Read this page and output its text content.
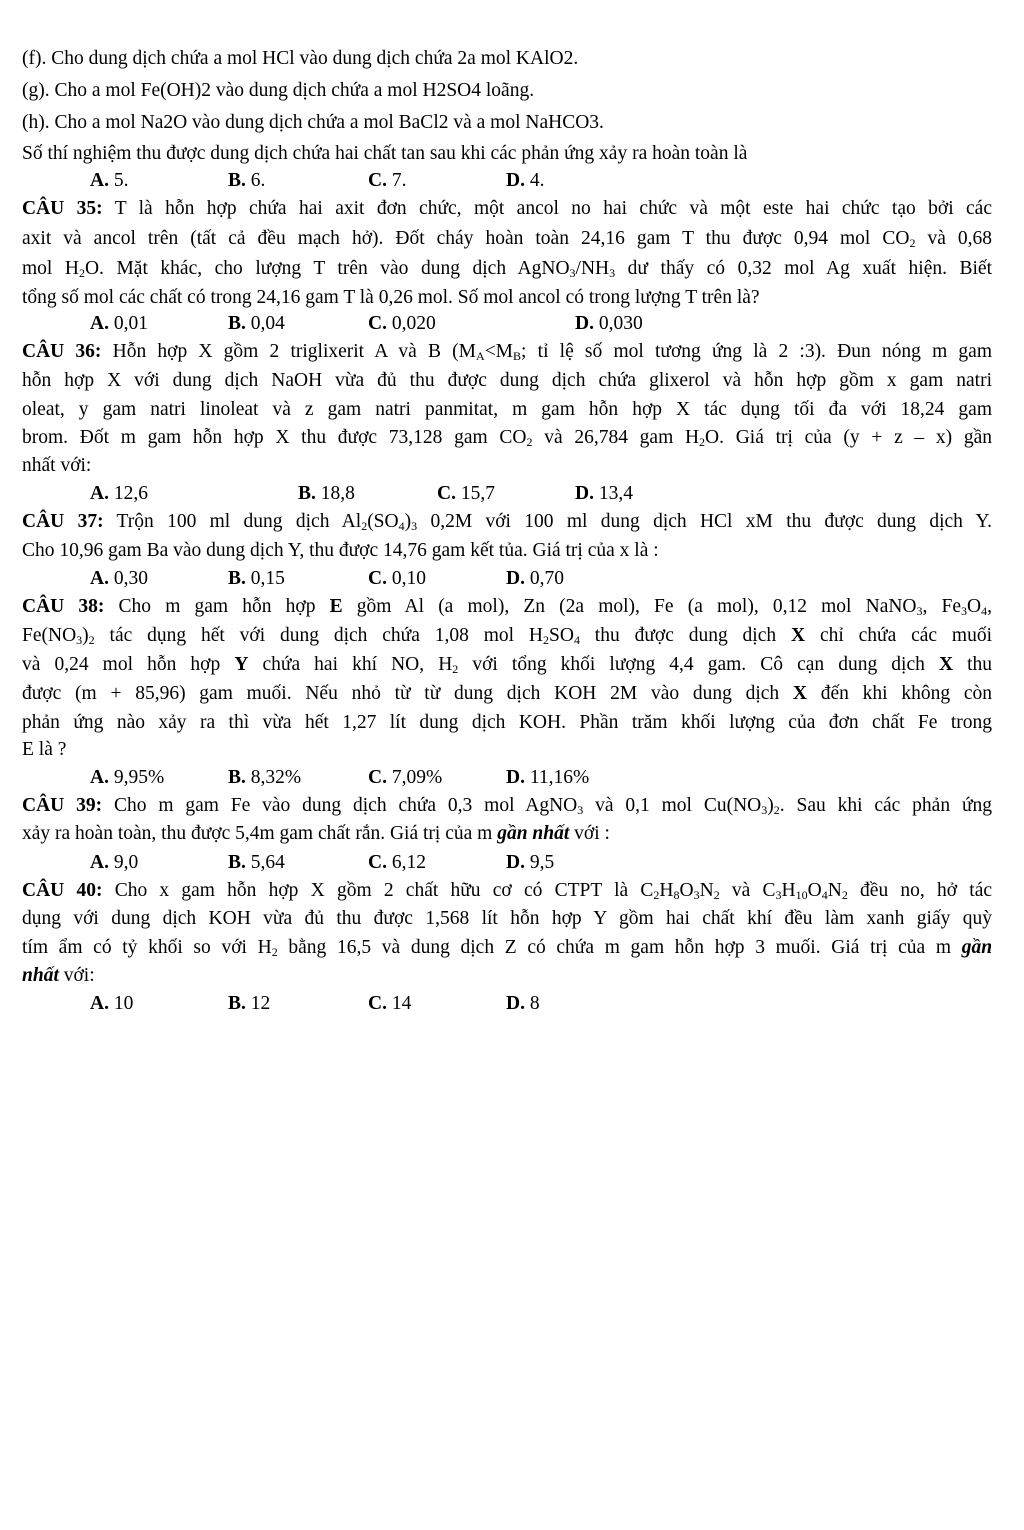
(f). Cho dung dịch chứa a mol HCl vào dung dịch chứa 2a mol KAlO2.
(g). Cho a mol Fe(OH)2 vào dung dịch chứa a mol H2SO4 loãng.
(h). Cho a mol Na2O vào dung dịch chứa a mol BaCl2 và a mol NaHCO3.
Số thí nghiệm thu được dung dịch chứa hai chất tan sau khi các phản ứng xảy ra hoàn toàn là
A. 5.	B. 6.	C. 7.	D. 4.
CÂU 35: T là hỗn hợp chứa hai axit đơn chức, một ancol no hai chức và một este hai chức tạo bởi các
axit và ancol trên (tất cả đều mạch hở). Đốt cháy hoàn toàn 24,16 gam T thu được 0,94 mol $CO_2$ và 0,68
mol $H_2O$. Mặt khác, cho lượng T trên vào dung dịch $AgNO_3/NH_3$ dư thấy có 0,32 mol Ag xuất hiện. Biết
tổng số mol các chất có trong 24,16 gam T là 0,26 mol. Số mol ancol có trong lượng T trên là?
A. 0,01	B. 0,04	C. 0,020	D. 0,030
CÂU 36: Hỗn hợp X gồm 2 triglixerit A và B ($M_A<M_B$; tỉ lệ số mol tương ứng là 2 :3). Đun nóng m gam
hỗn hợp X với dung dịch NaOH vừa đủ thu được dung dịch chứa glixerol và hỗn hợp gồm x gam natri
oleat, y gam natri linoleat và z gam natri panmitat, m gam hỗn hợp X tác dụng tối đa với 18,24 gam
brom. Đốt m gam hỗn hợp X thu được 73,128 gam $CO_2$ và 26,784 gam $H_2O$. Giá trị của (y + z – x) gần
nhất với:
A. 12,6	B. 18,8	C. 15,7	D. 13,4
CÂU 37: Trộn 100 ml dung dịch $Al_2(SO_4)_3$ 0,2M với 100 ml dung dịch HCl xM thu được dung dịch Y.
Cho 10,96 gam Ba vào dung dịch Y, thu được 14,76 gam kết tủa. Giá trị của x là :
A. 0,30	B. 0,15	C. 0,10	D. 0,70
CÂU 38: Cho m gam hỗn hợp E gồm Al (a mol), Zn (2a mol), Fe (a mol), 0,12 mol NaNO$_3$, $Fe_3O_4$,
$Fe(NO_3)_2$ tác dụng hết với dung dịch chứa 1,08 mol $H_2SO_4$ thu được dung dịch X chỉ chứa các muối
và 0,24 mol hỗn hợp Y chứa hai khí NO, $H_2$ với tổng khối lượng 4,4 gam. Cô cạn dung dịch X thu
được (m + 85,96) gam muối. Nếu nhỏ từ từ dung dịch KOH 2M vào dung dịch X đến khi không còn
phản ứng nào xảy ra thì vừa hết 1,27 lít dung dịch KOH. Phần trăm khối lượng của đơn chất Fe trong
E là ?
A. 9,95%	B. 8,32%	C. 7,09%	D. 11,16%
CÂU 39: Cho m gam Fe vào dung dịch chứa 0,3 mol AgNO$_3$ và 0,1 mol $Cu(NO_3)_2$. Sau khi các phản ứng
xảy ra hoàn toàn, thu được 5,4m gam chất rắn. Giá trị của m gần nhất với :
A. 9,0	B. 5,64	C. 6,12	D. 9,5
CÂU 40: Cho x gam hỗn hợp X gồm 2 chất hữu cơ có CTPT là $C_2H_8O_3N_2$ và $C_3H_{10}O_4N_2$ đều no, hở tác
dụng với dung dịch KOH vừa đủ thu được 1,568 lít hỗn hợp Y gồm hai chất khí đều làm xanh giấy quỳ
tím ẩm có tỷ khối so với $H_2$ bằng 16,5 và dung dịch Z có chứa m gam hỗn hợp 3 muối. Giá trị của m gần
nhất với:
A. 10	B. 12	C. 14	D. 8
